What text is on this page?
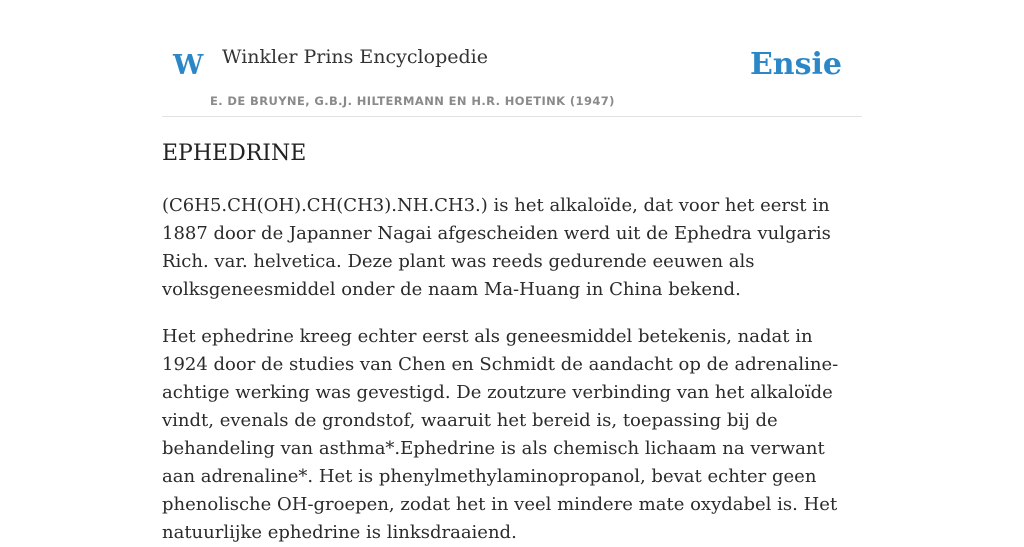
W Winkler Prins Encyclopedie
E. DE BRUYNE, G.B.J. HILTERMANN EN H.R. HOETINK (1947)
Ensie
EPHEDRINE

(C6H5.CH(OH).CH(CH3).NH.CH3.) is het alkaloïde, dat voor het eerst in 1887 door de Japanner Nagai afgescheiden werd uit de Ephedra vulgaris Rich. var. helvetica. Deze plant was reeds gedurende eeuwen als volksgeneesmiddel onder de naam Ma-Huang in China bekend.

Het ephedrine kreeg echter eerst als geneesmiddel betekenis, nadat in 1924 door de studies van Chen en Schmidt de aandacht op de adrenaline-achtige werking was gevestigd. De zoutzure verbinding van het alkaloïde vindt, evenals de grondstof, waaruit het bereid is, toepassing bij de behandeling van asthma*.Ephedrine is als chemisch lichaam na verwant aan adrenaline*. Het is phenylmethylaminopropanol, bevat echter geen phenolische OH-groepen, zodat het in veel mindere mate oxydabel is. Het natuurlijke ephedrine is linksdraaiend.
